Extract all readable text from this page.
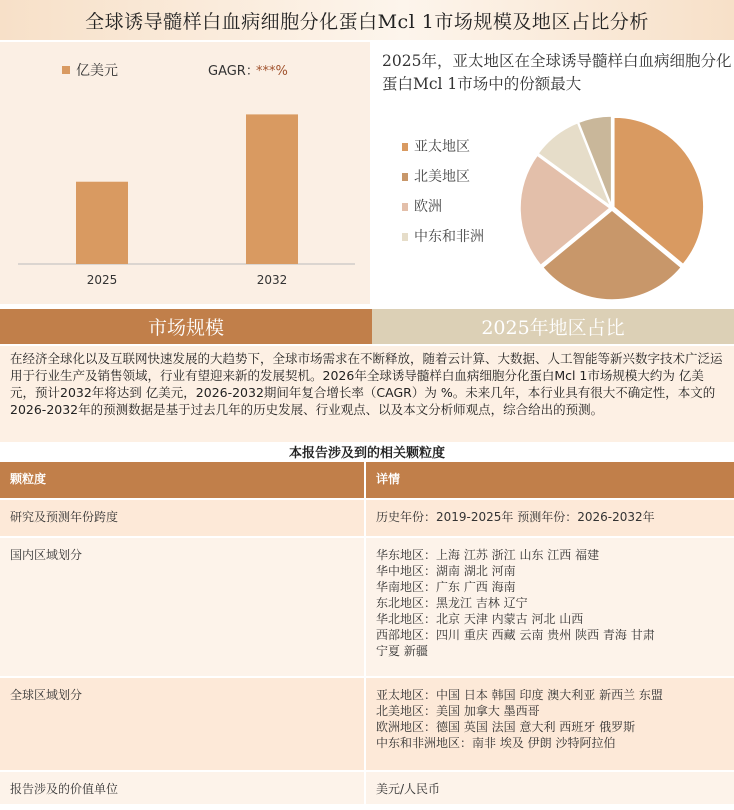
全球诱导髓样白血病细胞分化蛋白Mcl 1市场规模及地区占比分析
亿美元	GAGR：
***%
2025	2032
2025年，亚太地区在全球诱导髓样白血病细胞分化蛋白Mcl 1市场中的份额最大
亚太地区
北美地区
欧洲
中东和非洲
市场规模	2025年地区占比
在经济全球化以及互联网快速发展的大趋势下，全球市场需求在不断释放，随着云计算、大数据、人工智能等新兴数字技术广泛运用于行业生产及销售领域，行业有望迎来新的发展契机。2026年全球诱导髓样白血病细胞分化蛋白Mcl 1市场规模大约为 亿美元，预计2032年将达到 亿美元，2026-2032期间年复合增长率（CAGR）为 %。未来几年，本行业具有很大不确定性，本文的2026-2032年的预测数据是基于过去几年的历史发展、行业观点、以及本文分析师观点，综合给出的预测。
本报告涉及到的相关颗粒度
颗粒度	详情
研究及预测年份跨度	历史年份：2019-2025年 预测年份：2026-2032年
国内区域划分	华东地区：上海 江苏 浙江 山东 江西 福建
华中地区：湖南 湖北 河南
华南地区：广东 广西 海南
东北地区：黑龙江 吉林 辽宁
华北地区：北京 天津 内蒙古 河北 山西
西部地区：四川 重庆 西藏 云南 贵州 陕西 青海 甘肃
宁夏 新疆
全球区域划分	亚太地区：中国 日本 韩国 印度 澳大利亚 新西兰 东盟
北美地区：美国 加拿大 墨西哥
欧洲地区：德国 英国 法国 意大利 西班牙 俄罗斯
中东和非洲地区：南非 埃及 伊朗 沙特阿拉伯
报告涉及的价值单位	美元/人民币
